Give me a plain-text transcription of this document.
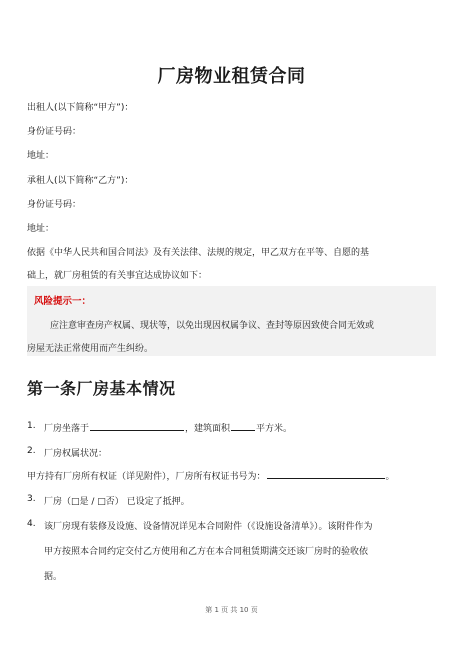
厂房物业租赁合同
出租人(以下简称“甲方”)：
身份证号码：
地址：
承租人(以下简称“乙方”)：
身份证号码：
地址：
依据《中华人民共和国合同法》及有关法律、法规的规定，甲乙双方在平等、自愿的基
础上，就厂房租赁的有关事宜达成协议如下：
风险提示一：
应注意审查房产权属、现状等，以免出现因权属争议、查封等原因致使合同无效或
房屋无法正常使用而产生纠纷。
第一条厂房基本情况
1. 厂房坐落于	，建筑面积	平方米。
2. 厂房权属状况：
甲方持有厂房所有权证（详见附件），厂房所有权证书号为：	。
3. 厂房（□是 / □否） 已设定了抵押。
4. 该厂房现有装修及设施、设备情况详见本合同附件（《设施设备清单》）。该附件作为
甲方按照本合同约定交付乙方使用和乙方在本合同租赁期满交还该厂房时的验收依
据。
第 1 页 共 10 页
